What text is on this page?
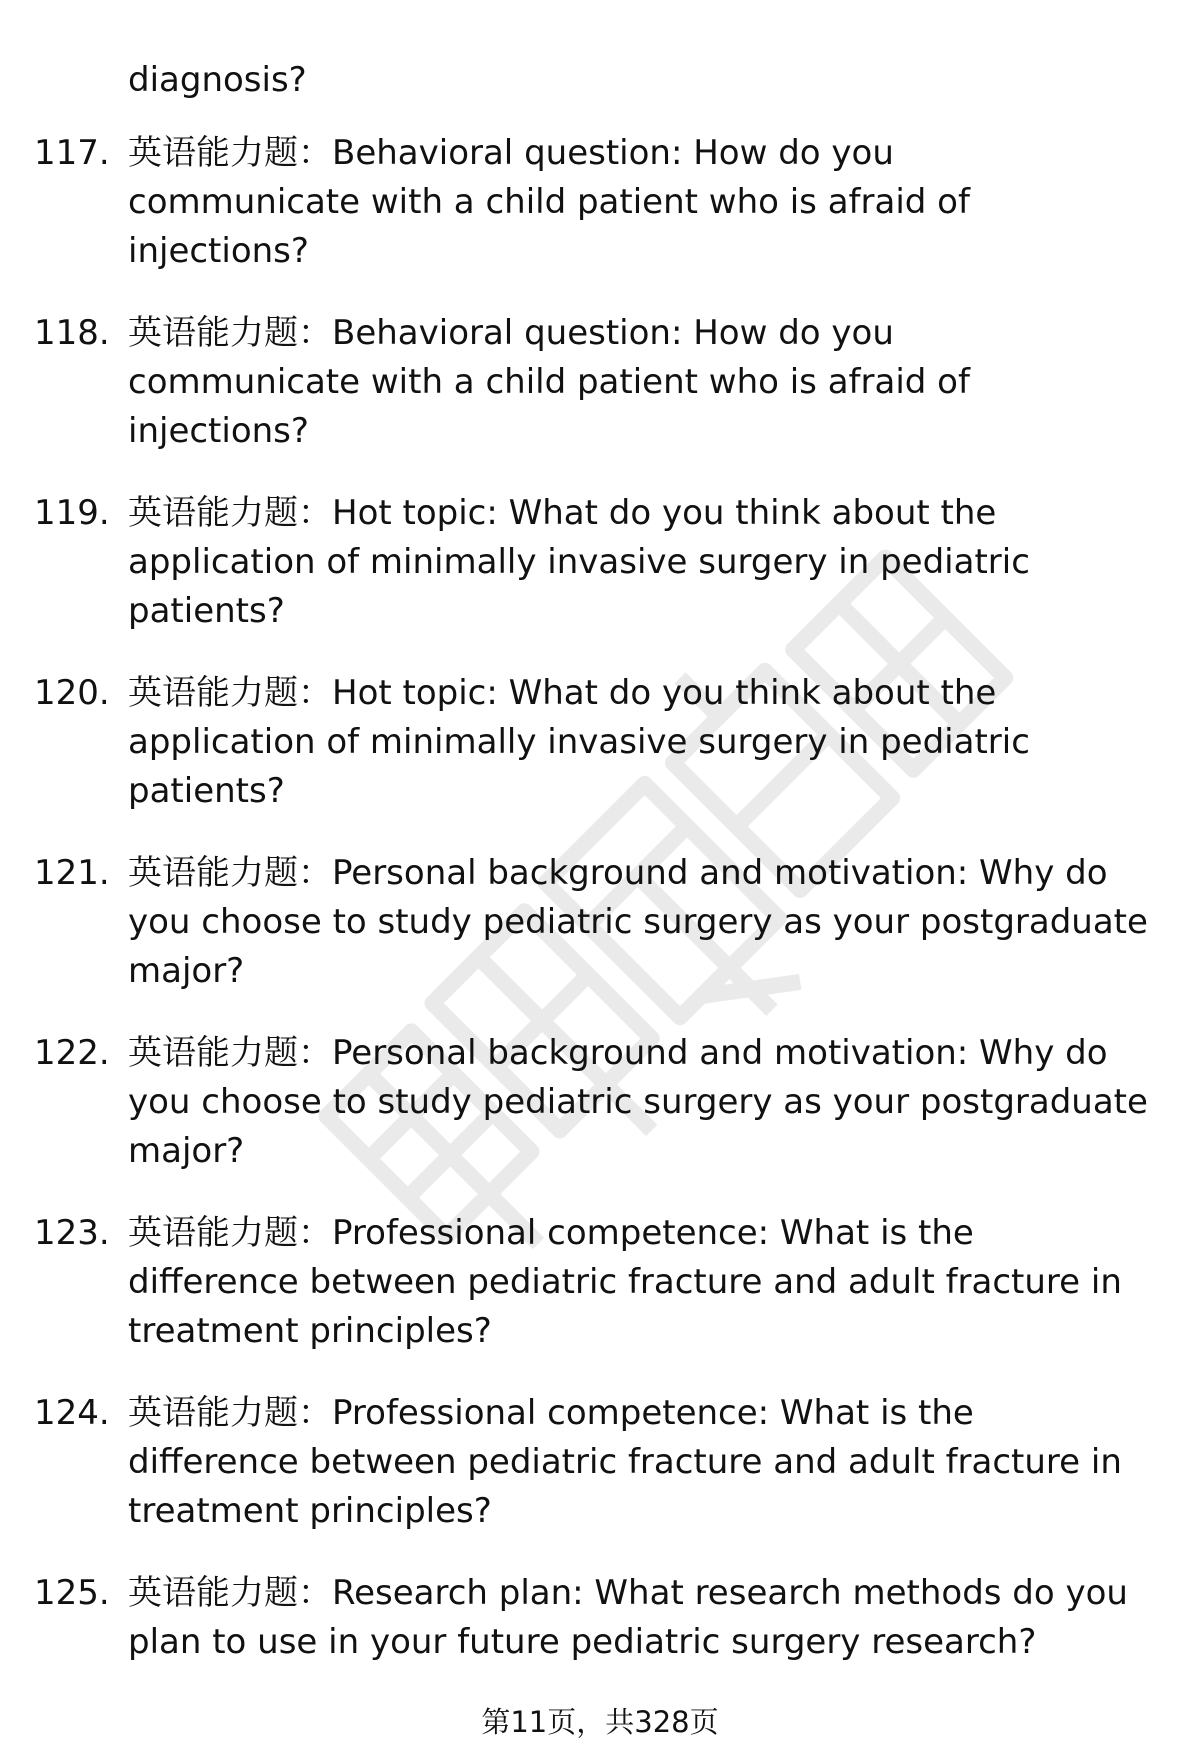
diagnosis?
117. 英语能力题：Behavioral question: How do you
communicate with a child patient who is afraid of
injections?
118. 英语能力题：Behavioral question: How do you
communicate with a child patient who is afraid of
injections?
119. 英语能力题：Hot topic: What do you think about the
application of minimally invasive surgery in pediatric
patients?
120. 英语能力题：Hot topic: What do you think about the
application of minimally invasive surgery in pediatric
patients?
121. 英语能力题：Personal background and motivation: Why do
you choose to study pediatric surgery as your postgraduate
major?
122. 英语能力题：Personal background and motivation: Why do
you choose to study pediatric surgery as your postgraduate
major?
123. 英语能力题：Professional competence: What is the
difference between pediatric fracture and adult fracture in
treatment principles?
124. 英语能力题：Professional competence: What is the
difference between pediatric fracture and adult fracture in
treatment principles?
125. 英语能力题：Research plan: What research methods do you
plan to use in your future pediatric surgery research?
第11页，共328页
